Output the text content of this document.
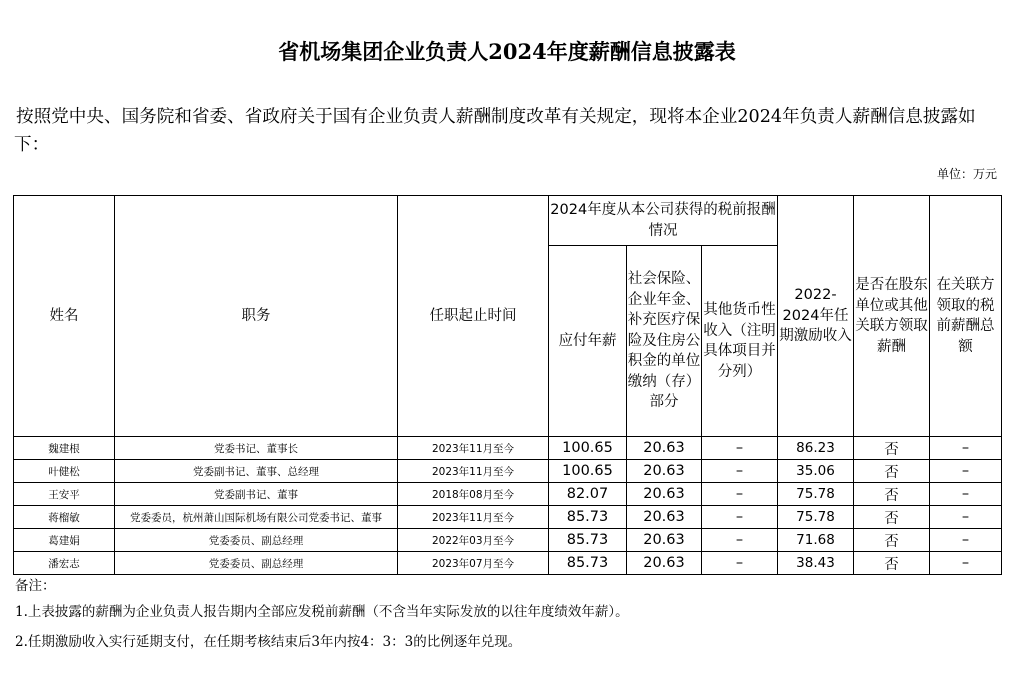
省机场集团企业负责人2024年度薪酬信息披露表
按照党中央、国务院和省委、省政府关于国有企业负责人薪酬制度改革有关规定，现将本企业2024年负责人薪酬信息披露如下：
单位：万元
姓名	职务	任职起止时间	2024年度从本公司获得的税前报酬情况			2022-2024年任期激励收入	是否在股东单位或其他关联方领取薪酬	在关联方领取的税前薪酬总额
			应付年薪	社会保险、企业年金、补充医疗保险及住房公积金的单位缴纳（存）部分	其他货币性收入（注明具体项目并分列）			
魏建根	党委书记、董事长	2023年11月至今	100.65	20.63	–	86.23	否	–
叶健松	党委副书记、董事、总经理	2023年11月至今	100.65	20.63	–	35.06	否	–
王安平	党委副书记、董事	2018年08月至今	82.07	20.63	–	75.78	否	–
蒋榴敏	党委委员，杭州萧山国际机场有限公司党委书记、董事	2023年11月至今	85.73	20.63	–	75.78	否	–
葛建娟	党委委员、副总经理	2022年03月至今	85.73	20.63	–	71.68	否	–
潘宏志	党委委员、副总经理	2023年07月至今	85.73	20.63	–	38.43	否	–
备注：
1.上表披露的薪酬为企业负责人报告期内全部应发税前薪酬（不含当年实际发放的以往年度绩效年薪）。
2.任期激励收入实行延期支付，在任期考核结束后3年内按4：3：3的比例逐年兑现。
